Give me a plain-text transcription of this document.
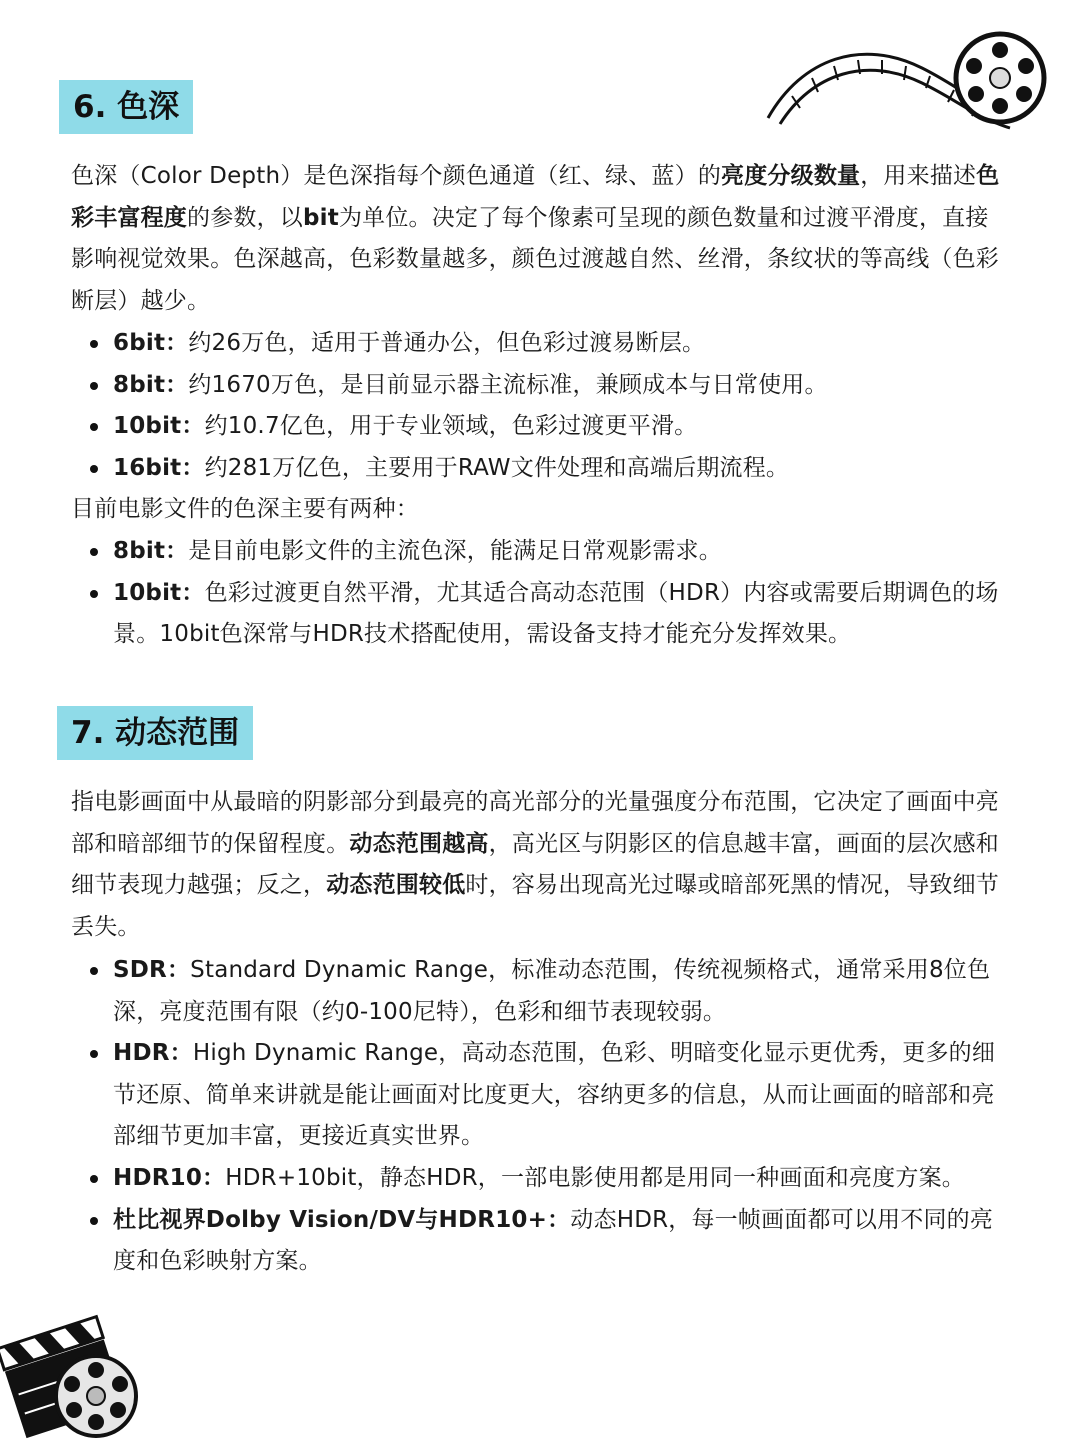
6. 色深

色深（Color Depth）是色深指每个颜色通道（红、绿、蓝）的亮度分级数量，用来描述色彩丰富程度的参数，以bit为单位。决定了每个像素可呈现的颜色数量和过渡平滑度，直接影响视觉效果。色深越高，色彩数量越多，颜色过渡越自然、丝滑，条纹状的等高线（色彩断层）越少。

6bit：约26万色，适用于普通办公，但色彩过渡易断层。
8bit：约1670万色，是目前显示器主流标准，兼顾成本与日常使用。
10bit：约10.7亿色，用于专业领域，色彩过渡更平滑。
16bit：约281万亿色，主要用于RAW文件处理和高端后期流程。

目前电影文件的色深主要有两种：

8bit：是目前电影文件的主流色深，能满足日常观影需求。
10bit：色彩过渡更自然平滑，尤其适合高动态范围（HDR）内容或需要后期调色的场景。10bit色深常与HDR技术搭配使用，需设备支持才能充分发挥效果。
7. 动态范围

指电影画面中从最暗的阴影部分到最亮的高光部分的光量强度分布范围，它决定了画面中亮部和暗部细节的保留程度。动态范围越高，高光区与阴影区的信息越丰富，画面的层次感和细节表现力越强；反之，动态范围较低时，容易出现高光过曝或暗部死黑的情况，导致细节丢失。

SDR：Standard Dynamic Range，标准动态范围，传统视频格式，通常采用8位色深，亮度范围有限（约0-100尼特），色彩和细节表现较弱。
HDR：High Dynamic Range，高动态范围，色彩、明暗变化显示更优秀，更多的细节还原、简单来讲就是能让画面对比度更大，容纳更多的信息，从而让画面的暗部和亮部细节更加丰富，更接近真实世界。
HDR10：HDR+10bit，静态HDR，一部电影使用都是用同一种画面和亮度方案。
杜比视界Dolby Vision/DV与HDR10+：动态HDR，每一帧画面都可以用不同的亮度和色彩映射方案。
